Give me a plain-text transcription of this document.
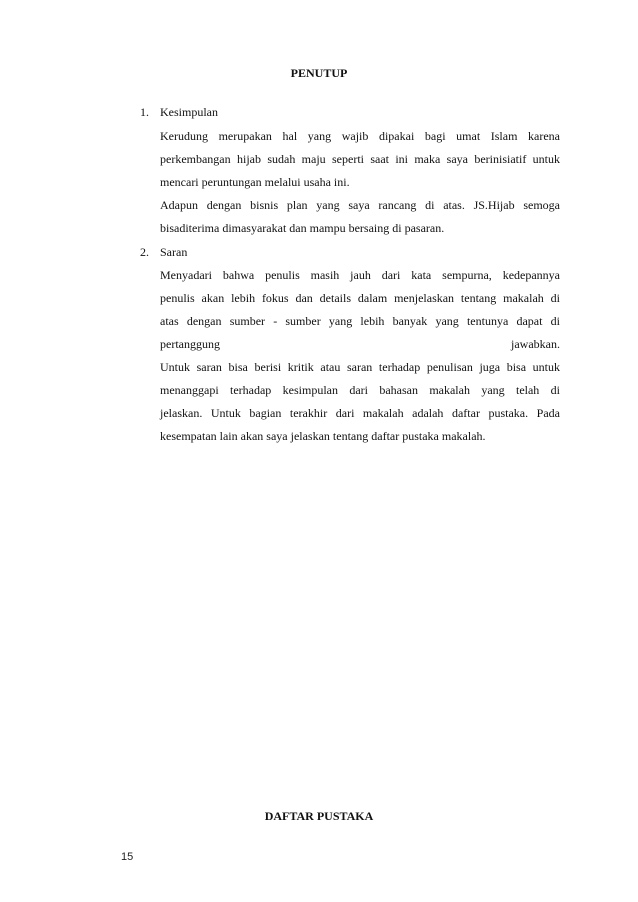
PENUTUP
1. Kesimpulan

Kerudung merupakan hal yang wajib dipakai bagi umat Islam karena

perkembangan hijab sudah maju seperti saat ini maka saya berinisiatif untuk

mencari peruntungan melalui usaha ini.

Adapun dengan bisnis plan yang saya rancang di atas. JS.Hijab semoga

bisaditerima dimasyarakat dan mampu bersaing di pasaran.

2. Saran

Menyadari bahwa penulis masih jauh dari kata sempurna, kedepannya

penulis akan lebih fokus dan details dalam menjelaskan tentang makalah di

atas dengan sumber - sumber yang lebih banyak yang tentunya dapat di

pertanggung	jawabkan.

Untuk saran bisa berisi kritik atau saran terhadap penulisan juga bisa untuk

menanggapi terhadap kesimpulan dari bahasan makalah yang telah di

jelaskan. Untuk bagian terakhir dari makalah adalah daftar pustaka. Pada

kesempatan lain akan saya jelaskan tentang daftar pustaka makalah.

DAFTAR PUSTAKA
15
